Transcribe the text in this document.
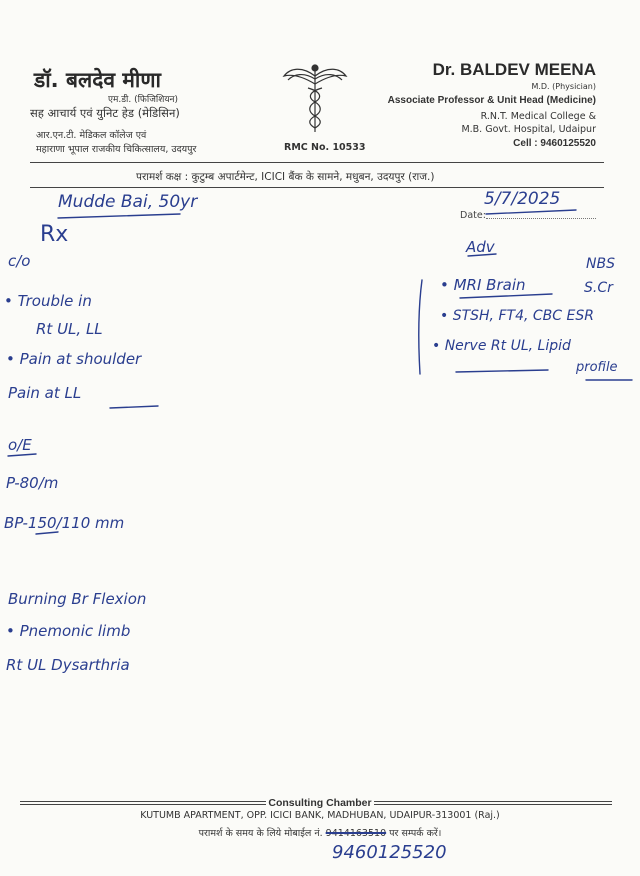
डॉ. बलदेव मीणा
एम.डी. (फिजिशियन)
सह आचार्य एवं युनिट हेड (मेडिसिन)
आर.एन.टी. मेडिकल कॉलेज एवं
महाराणा भूपाल राजकीय चिकित्सालय, उदयपुर	RMC No. 10533
Dr. BALDEV MEENA
M.D. (Physician)
Associate Professor & Unit Head (Medicine)
R.N.T. Medical College &
M.B. Govt. Hospital, Udaipur
Cell : 9460125520
परामर्श कक्ष : कुटुम्ब अपार्टमेन्ट, ICICI बैंक के सामने, मधुबन, उदयपुर (राज.)
Date:
Mudde Bai, 50yr	5/7/2025
Rx
c/o
• Trouble in
Rt UL, LL
• Pain at shoulder
Pain at LL
o/E
P-80/m
BP-150/110 mm
Burning Br Flexion
• Pnemonic limb
Rt UL Dysarthria
Adv
• MRI Brain
• STSH, FT4, CBC ESR
• Nerve Rt UL, Lipid
NBS
S.Cr
profile
Consulting Chamber
KUTUMB APARTMENT, OPP. ICICI BANK, MADHUBAN, UDAIPUR-313001 (Raj.)
परामर्श के समय के लिये मोबाईल नं. 9414163510 पर सम्पर्क करें।
9460125520
